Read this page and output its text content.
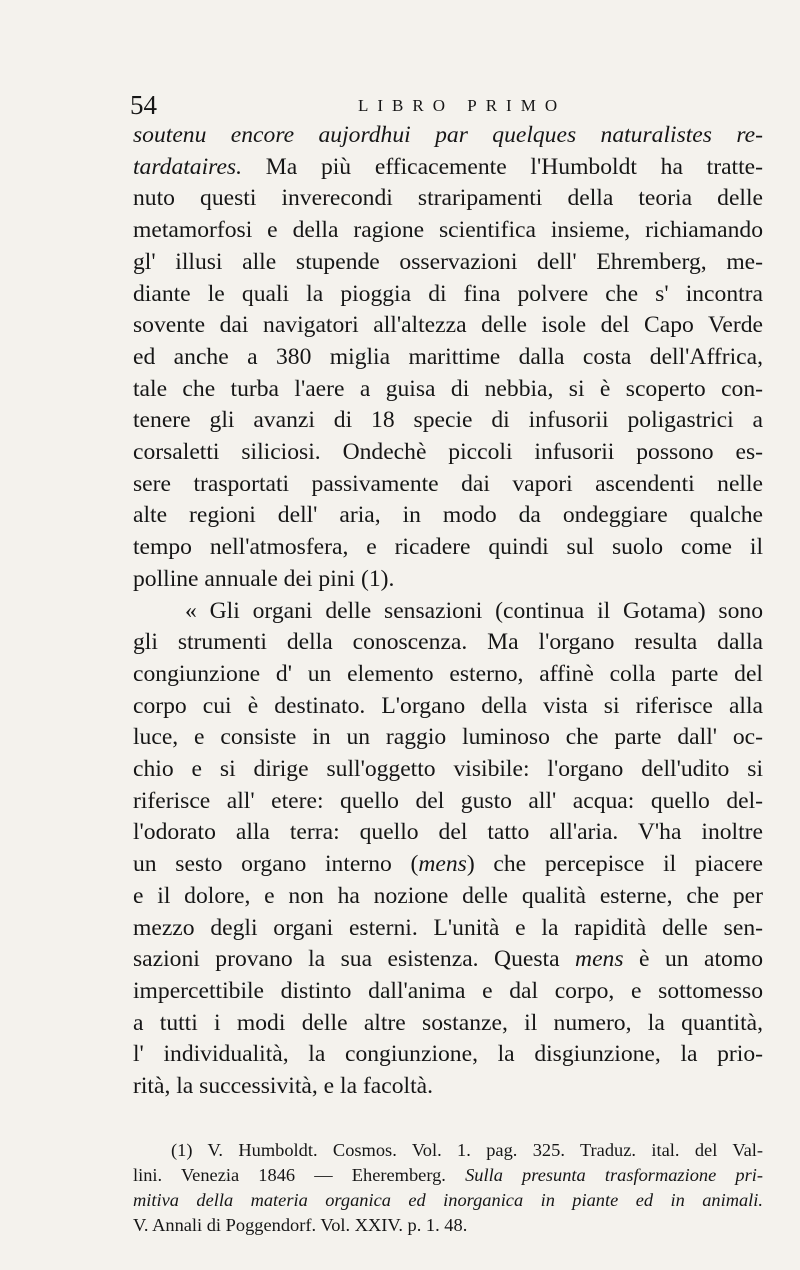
54	LIBRO PRIMO
soutenu encore aujordhui par quelques naturalistes re-
tardataires. Ma più efficacemente l'Humboldt ha tratte-
nuto questi inverecondi straripamenti della teoria delle
metamorfosi e della ragione scientifica insieme, richiamando
gl' illusi alle stupende osservazioni dell' Ehremberg, me-
diante le quali la pioggia di fina polvere che s' incontra
sovente dai navigatori all'altezza delle isole del Capo Verde
ed anche a 380 miglia marittime dalla costa dell'Affrica,
tale che turba l'aere a guisa di nebbia, si è scoperto con-
tenere gli avanzi di 18 specie di infusorii poligastrici a
corsaletti siliciosi. Ondechè piccoli infusorii possono es-
sere trasportati passivamente dai vapori ascendenti nelle
alte regioni dell' aria, in modo da ondeggiare qualche
tempo nell'atmosfera, e ricadere quindi sul suolo come il
polline annuale dei pini (1).
« Gli organi delle sensazioni (continua il Gotama) sono
gli strumenti della conoscenza. Ma l'organo resulta dalla
congiunzione d' un elemento esterno, affinè colla parte del
corpo cui è destinato. L'organo della vista si riferisce alla
luce, e consiste in un raggio luminoso che parte dall' oc-
chio e si dirige sull'oggetto visibile: l'organo dell'udito si
riferisce all' etere: quello del gusto all' acqua: quello del-
l'odorato alla terra: quello del tatto all'aria. V'ha inoltre
un sesto organo interno (mens) che percepisce il piacere
e il dolore, e non ha nozione delle qualità esterne, che per
mezzo degli organi esterni. L'unità e la rapidità delle sen-
sazioni provano la sua esistenza. Questa mens è un atomo
impercettibile distinto dall'anima e dal corpo, e sottomesso
a tutti i modi delle altre sostanze, il numero, la quantità,
l' individualità, la congiunzione, la disgiunzione, la prio-
rità, la successività, e la facoltà.
(1) V. Humboldt. Cosmos. Vol. 1. pag. 325. Traduz. ital. del Val-
lini. Venezia 1846 — Eheremberg. Sulla presunta trasformazione pri-
mitiva della materia organica ed inorganica in piante ed in animali.
V. Annali di Poggendorf. Vol. XXIV. p. 1. 48.
